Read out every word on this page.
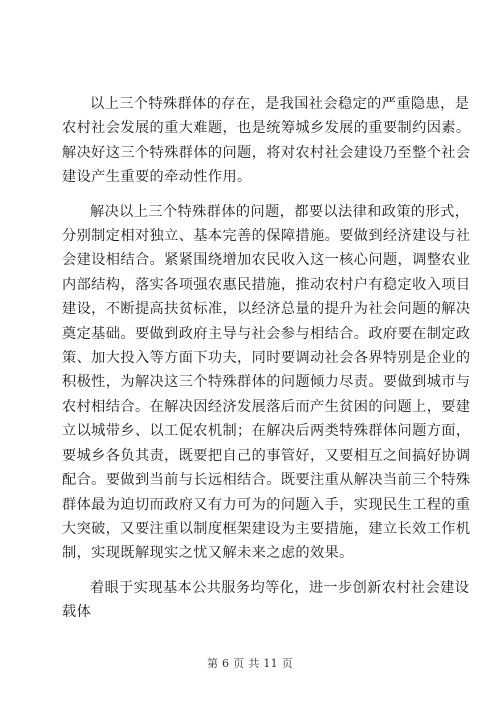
以上三个特殊群体的存在，是我国社会稳定的严重隐患，是
农村社会发展的重大难题，也是统筹城乡发展的重要制约因素。
解决好这三个特殊群体的问题，将对农村社会建设乃至整个社会
建设产生重要的牵动性作用。

解决以上三个特殊群体的问题，都要以法律和政策的形式，
分别制定相对独立、基本完善的保障措施。要做到经济建设与社
会建设相结合。紧紧围绕增加农民收入这一核心问题，调整农业
内部结构，落实各项强农惠民措施，推动农村户有稳定收入项目
建设，不断提高扶贫标准，以经济总量的提升为社会问题的解决
奠定基础。要做到政府主导与社会参与相结合。政府要在制定政
策、加大投入等方面下功夫，同时要调动社会各界特别是企业的
积极性，为解决这三个特殊群体的问题倾力尽责。要做到城市与
农村相结合。在解决因经济发展落后而产生贫困的问题上，要建
立以城带乡、以工促农机制；在解决后两类特殊群体问题方面，
要城乡各负其责，既要把自己的事管好，又要相互之间搞好协调
配合。要做到当前与长远相结合。既要注重从解决当前三个特殊
群体最为迫切而政府又有力可为的问题入手，实现民生工程的重
大突破，又要注重以制度框架建设为主要措施，建立长效工作机
制，实现既解现实之忧又解未来之虑的效果。

着眼于实现基本公共服务均等化，进一步创新农村社会建设
载体

第 6 页 共 11 页
